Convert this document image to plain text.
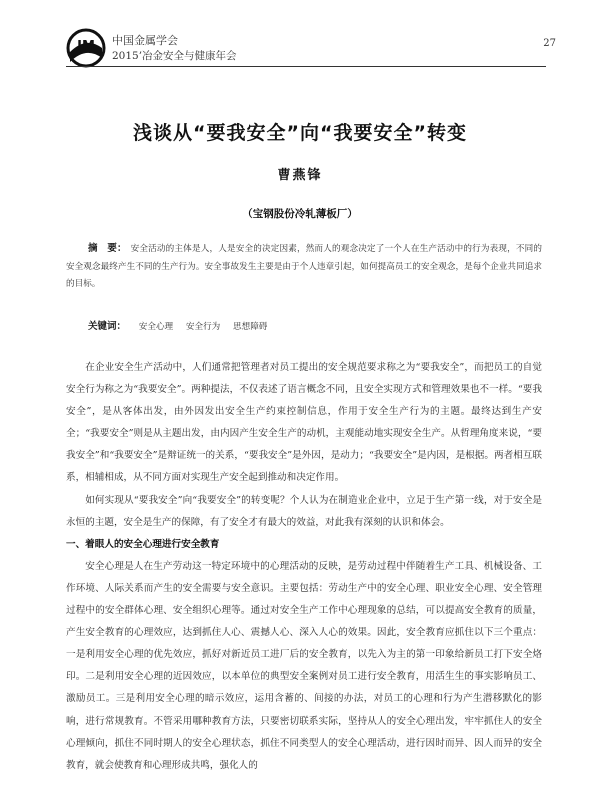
JM 中国金属学会
2015’冶金安全与健康年会
27
浅谈从“要我安全”向“我要安全”转变
曹燕锋
（宝钢股份冷轧薄板厂）
摘　要： 安全活动的主体是人，人是安全的决定因素，然而人的观念决定了一个人在生产活动中的行为表现，不同的安全观念最终产生不同的生产行为。安全事故发生主要是由于个人违章引起，如何提高员工的安全观念，是每个企业共同追求的目标。
关键词： 安全心理 安全行为 思想障碍

在企业安全生产活动中，人们通常把管理者对员工提出的安全规范要求称之为“要我安全”，而把员工的自觉安全行为称之为“我要安全”。两种提法，不仅表述了语言概念不同，且安全实现方式和管理效果也不一样。“要我安全”，是从客体出发，由外因发出安全生产约束控制信息，作用于安全生产行为的主题。最终达到生产安全；“我要安全”则是从主题出发，由内因产生安全生产的动机，主观能动地实现安全生产。从哲理角度来说，“要我安全”和“我要安全”是辩证统一的关系，“要我安全”是外因，是动力；“我要安全”是内因，是根据。两者相互联系，相辅相成，从不同方面对实现生产安全起到推动和决定作用。

如何实现从“要我安全”向“我要安全”的转变呢？个人认为在制造业企业中，立足于生产第一线，对于安全是永恒的主题，安全是生产的保障，有了安全才有最大的效益，对此我有深刻的认识和体会。

一、着眼人的安全心理进行安全教育

安全心理是人在生产劳动这一特定环境中的心理活动的反映，是劳动过程中伴随着生产工具、机械设备、工作环境、人际关系而产生的安全需要与安全意识。主要包括：劳动生产中的安全心理、职业安全心理、安全管理过程中的安全群体心理、安全组织心理等。通过对安全生产工作中心理现象的总结，可以提高安全教育的质量，产生安全教育的心理效应，达到抓住人心、震撼人心、深入人心的效果。因此，安全教育应抓住以下三个重点：一是利用安全心理的优先效应，抓好对新近员工进厂后的安全教育，以先入为主的第一印象给新员工打下安全烙印。二是利用安全心理的近因效应，以本单位的典型安全案例对员工进行安全教育，用活生生的事实影响员工、激励员工。三是利用安全心理的暗示效应，运用含蓄的、间接的办法，对员工的心理和行为产生潜移默化的影响，进行常规教育。不管采用哪种教育方法，只要密切联系实际，坚持从人的安全心理出发，牢牢抓住人的安全心理倾向，抓住不同时期人的安全心理状态，抓住不同类型人的安全心理活动，进行因时而异、因人而异的安全教育，就会使教育和心理形成共鸣，强化人的
